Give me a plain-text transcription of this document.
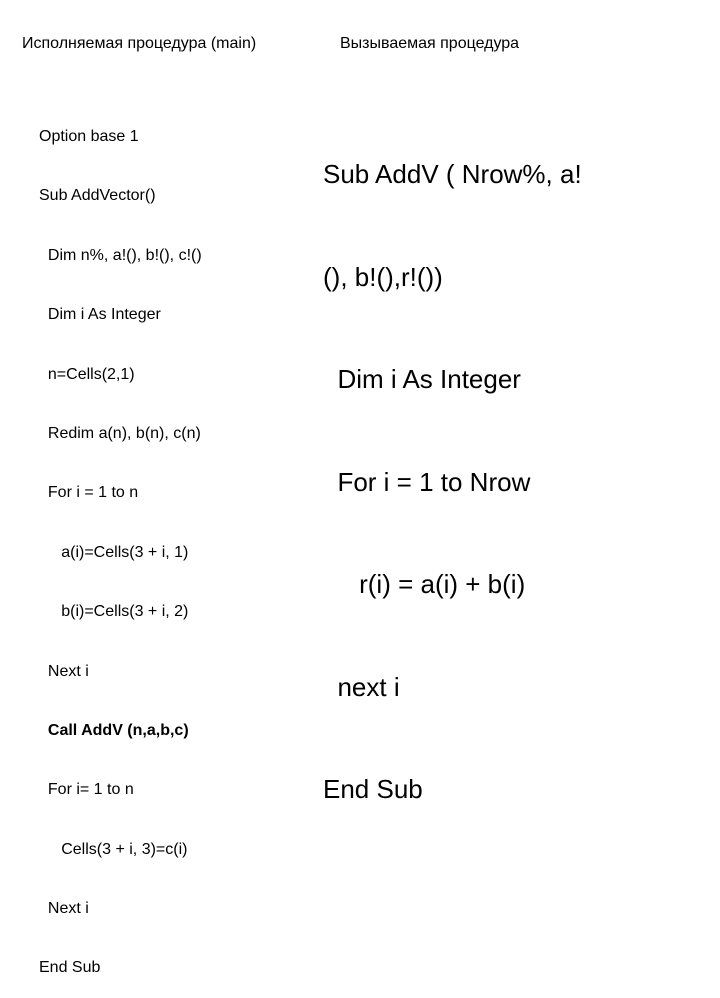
Исполняемая процедура (main)	Вызываемая процедура

Option base 1

Sub AddVector()

Dim n%, a!(), b!(), c!()

Dim i As Integer

n=Cells(2,1)

Redim a(n), b(n), c(n)

For i = 1 to n

a(i)=Cells(3 + i, 1)

b(i)=Cells(3 + i, 2)

Next i

Call AddV (n,a,b,c)

For i= 1 to n

Cells(3 + i, 3)=c(i)

Next i

End Sub

Sub AddV ( Nrow%, a!

(), b!(),r!())

Dim i As Integer

For i = 1 to Nrow

r(i) = a(i) + b(i)

next i

End Sub
